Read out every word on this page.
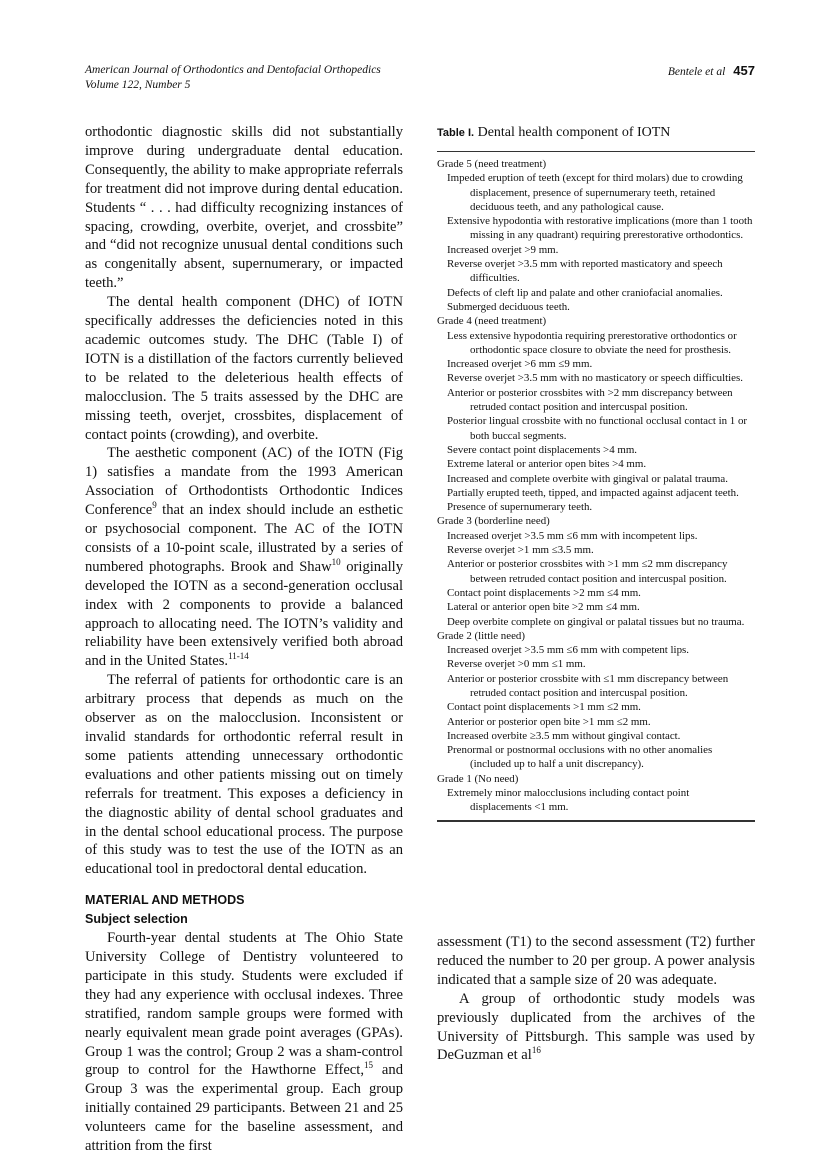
American Journal of Orthodontics and Dentofacial Orthopedics
Volume 122, Number 5
Bentele et al 457

orthodontic diagnostic skills did not substantially improve during undergraduate dental education. Consequently, the ability to make appropriate referrals for treatment did not improve during dental education. Students “ . . . had difficulty recognizing instances of spacing, crowding, overbite, overjet, and crossbite” and “did not recognize unusual dental conditions such as congenitally absent, supernumerary, or impacted teeth.”

The dental health component (DHC) of IOTN specifically addresses the deficiencies noted in this academic outcomes study. The DHC (Table I) of IOTN is a distillation of the factors currently believed to be related to the deleterious health effects of malocclusion. The 5 traits assessed by the DHC are missing teeth, overjet, crossbites, displacement of contact points (crowding), and overbite.

The aesthetic component (AC) of the IOTN (Fig 1) satisfies a mandate from the 1993 American Association of Orthodontists Orthodontic Indices Conference$^9$ that an index should include an esthetic or psychosocial component. The AC of the IOTN consists of a 10-point scale, illustrated by a series of numbered photographs. Brook and Shaw$^{10}$ originally developed the IOTN as a second-generation occlusal index with 2 components to provide a balanced approach to allocating need. The IOTN’s validity and reliability have been extensively verified both abroad and in the United States.$^{11-14}$

The referral of patients for orthodontic care is an arbitrary process that depends as much on the observer as on the malocclusion. Inconsistent or invalid standards for orthodontic referral result in some patients attending unnecessary orthodontic evaluations and other patients missing out on timely referrals for treatment. This exposes a deficiency in the diagnostic ability of dental school graduates and in the dental school educational process. The purpose of this study was to test the use of the IOTN as an educational tool in predoctoral dental education.

MATERIAL AND METHODS
Subject selection

Fourth-year dental students at The Ohio State University College of Dentistry volunteered to participate in this study. Students were excluded if they had any experience with occlusal indexes. Three stratified, random sample groups were formed with nearly equivalent mean grade point averages (GPAs). Group 1 was the control; Group 2 was a sham-control group to control for the Hawthorne Effect,$^{15}$ and Group 3 was the experimental group. Each group initially contained 29 participants. Between 21 and 25 volunteers came for the baseline assessment, and attrition from the first

Table I. Dental health component of IOTN
Grade 5 (need treatment)
Impeded eruption of teeth (except for third molars) due to crowding displacement, presence of supernumerary teeth, retained deciduous teeth, and any pathological cause.
Extensive hypodontia with restorative implications (more than 1 tooth missing in any quadrant) requiring prerestorative orthodontics.
Increased overjet >9 mm.
Reverse overjet >3.5 mm with reported masticatory and speech difficulties.
Defects of cleft lip and palate and other craniofacial anomalies.
Submerged deciduous teeth.
Grade 4 (need treatment)
Less extensive hypodontia requiring prerestorative orthodontics or orthodontic space closure to obviate the need for prosthesis.
Increased overjet >6 mm ≤9 mm.
Reverse overjet >3.5 mm with no masticatory or speech difficulties.
Anterior or posterior crossbites with >2 mm discrepancy between retruded contact position and intercuspal position.
Posterior lingual crossbite with no functional occlusal contact in 1 or both buccal segments.
Severe contact point displacements >4 mm.
Extreme lateral or anterior open bites >4 mm.
Increased and complete overbite with gingival or palatal trauma.
Partially erupted teeth, tipped, and impacted against adjacent teeth.
Presence of supernumerary teeth.
Grade 3 (borderline need)
Increased overjet >3.5 mm ≤6 mm with incompetent lips.
Reverse overjet >1 mm ≤3.5 mm.
Anterior or posterior crossbites with >1 mm ≤2 mm discrepancy between retruded contact position and intercuspal position.
Contact point displacements >2 mm ≤4 mm.
Lateral or anterior open bite >2 mm ≤4 mm.
Deep overbite complete on gingival or palatal tissues but no trauma.
Grade 2 (little need)
Increased overjet >3.5 mm ≤6 mm with competent lips.
Reverse overjet >0 mm ≤1 mm.
Anterior or posterior crossbite with ≤1 mm discrepancy between retruded contact position and intercuspal position.
Contact point displacements >1 mm ≤2 mm.
Anterior or posterior open bite >1 mm ≤2 mm.
Increased overbite ≥3.5 mm without gingival contact.
Prenormal or postnormal occlusions with no other anomalies (included up to half a unit discrepancy).
Grade 1 (No need)
Extremely minor malocclusions including contact point displacements <1 mm.

assessment (T1) to the second assessment (T2) further reduced the number to 20 per group. A power analysis indicated that a sample size of 20 was adequate.

A group of orthodontic study models was previously duplicated from the archives of the University of Pittsburgh. This sample was used by DeGuzman et $al^{16}$
